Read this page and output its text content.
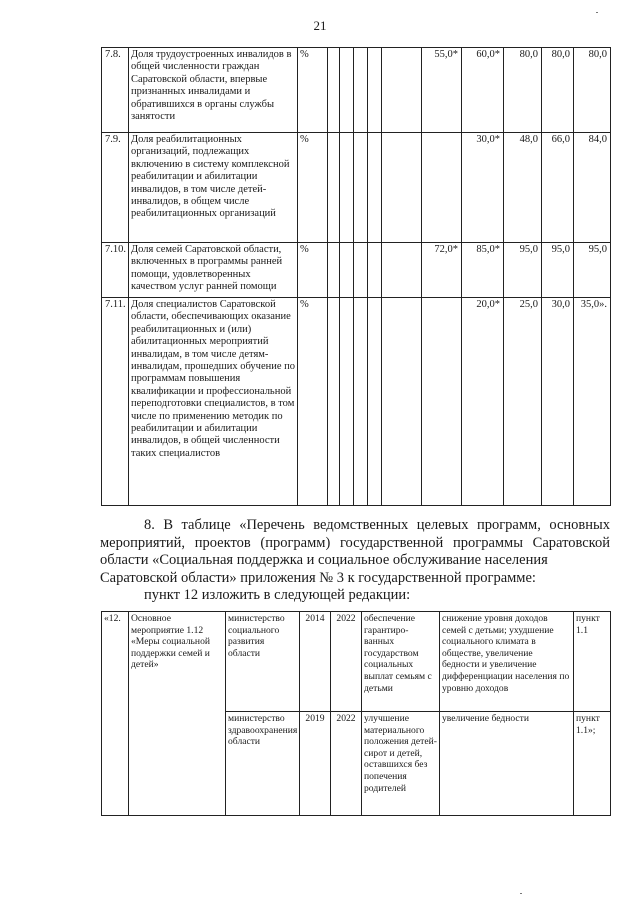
21
7.8.	Доля трудоустроенных инвалидов в общей численности граждан Саратовской области, впервые признанных инвалидами и обратившихся в органы службы занятости	%						55,0*	60,0*	80,0	80,0	80,0
7.9.	Доля реабилитационных организаций, подлежащих включению в систему комплексной реабилитации и абилитации инвалидов, в том числе детей-инвалидов, в общем числе реабилитационных организаций	%							30,0*	48,0	66,0	84,0
7.10.	Доля семей Саратовской области, включенных в программы ранней помощи, удовлетворенных качеством услуг ранней помощи	%						72,0*	85,0*	95,0	95,0	95,0
7.11.	Доля специалистов Саратовской области, обеспечивающих оказание реабилитационных и (или) абилитационных мероприятий инвалидам, в том числе детям-инвалидам, прошедших обучение по программам повышения квалификации и профессиональной переподготовки специалистов, в том числе по применению методик по реабилитации и абилитации инвалидов, в общей численности таких специалистов	%							20,0*	25,0	30,0	35,0».

8. В таблице «Перечень ведомственных целевых программ, основных мероприятий, проектов (программ) государственной программы Саратовской области «Социальная поддержка и социальное обслуживание населения

Саратовской области» приложения № 3 к государственной программе:

пункт 12 изложить в следующей редакции:

«12.	Основное мероприятие 1.12 «Меры социальной поддержки семей и детей»	министерство социального развития области	2014	2022	обеспечение гарантиро-ванных государством социальных выплат семьям с детьми	снижение уровня доходов семей с детьми; ухудшение социального климата в обществе, увеличение бедности и увеличение дифференциации населения по уровню доходов	пункт 1.1
		министерство здравоохранения области	2019	2022	улучшение материального положения детей-сирот и детей, оставшихся без попечения родителей	увеличение бедности	пункт 1.1»;
